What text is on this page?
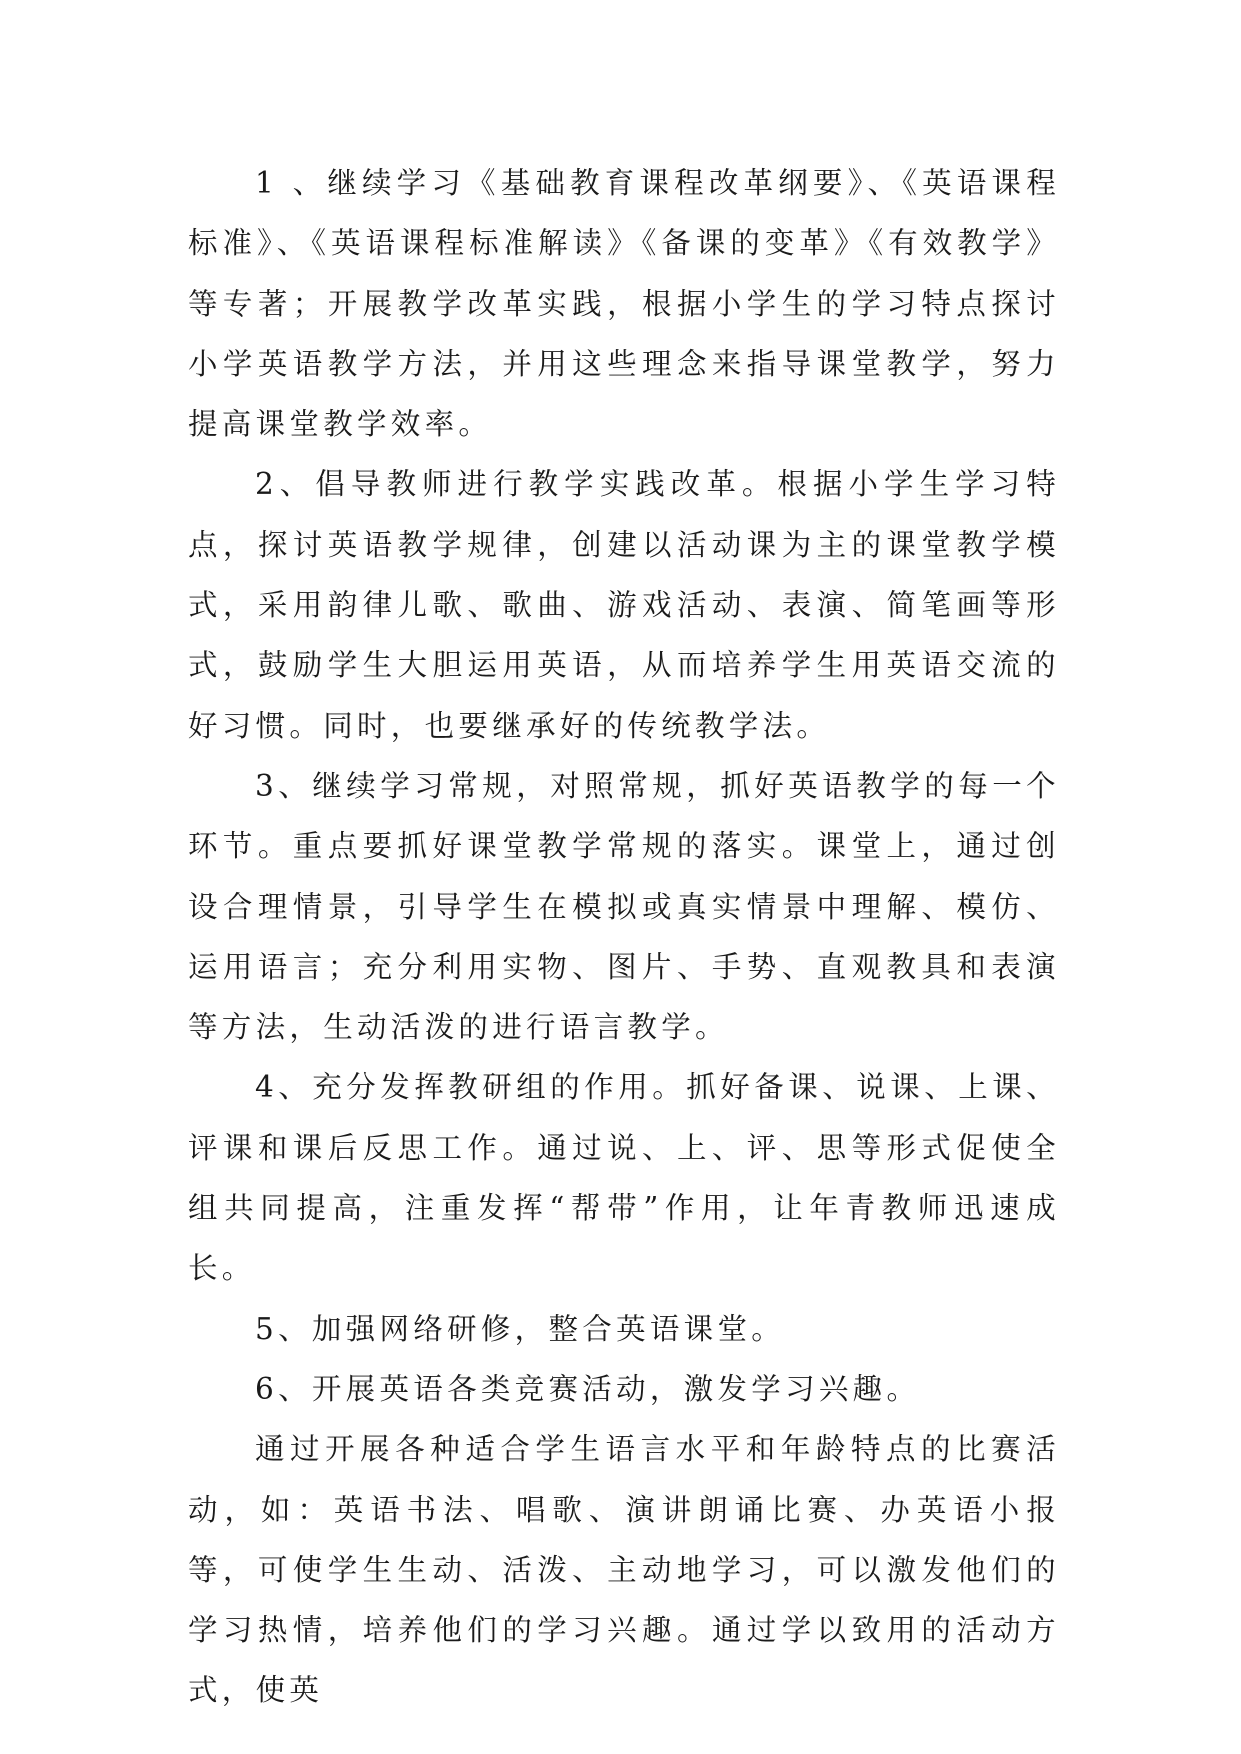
1 、继续学习《基础教育课程改革纲要》、《英语课程标准》、《英语课程标准解读》《备课的变革》《有效教学》等专著；开展教学改革实践，根据小学生的学习特点探讨小学英语教学方法，并用这些理念来指导课堂教学，努力提高课堂教学效率。

2、倡导教师进行教学实践改革。根据小学生学习特点，探讨英语教学规律，创建以活动课为主的课堂教学模式，采用韵律儿歌、歌曲、游戏活动、表演、简笔画等形式，鼓励学生大胆运用英语，从而培养学生用英语交流的好习惯。同时，也要继承好的传统教学法。

3、继续学习常规，对照常规，抓好英语教学的每一个环节。重点要抓好课堂教学常规的落实。课堂上，通过创设合理情景，引导学生在模拟或真实情景中理解、模仿、运用语言；充分利用实物、图片、手势、直观教具和表演等方法，生动活泼的进行语言教学。

4、充分发挥教研组的作用。抓好备课、说课、上课、评课和课后反思工作。通过说、上、评、思等形式促使全组共同提高，注重发挥“帮带”作用，让年青教师迅速成长。

5、加强网络研修，整合英语课堂。

6、开展英语各类竞赛活动，激发学习兴趣。

通过开展各种适合学生语言水平和年龄特点的比赛活动，如：英语书法、唱歌、演讲朗诵比赛、办英语小报等，可使学生生动、活泼、主动地学习，可以激发他们的学习热情，培养他们的学习兴趣。通过学以致用的活动方式，使英
